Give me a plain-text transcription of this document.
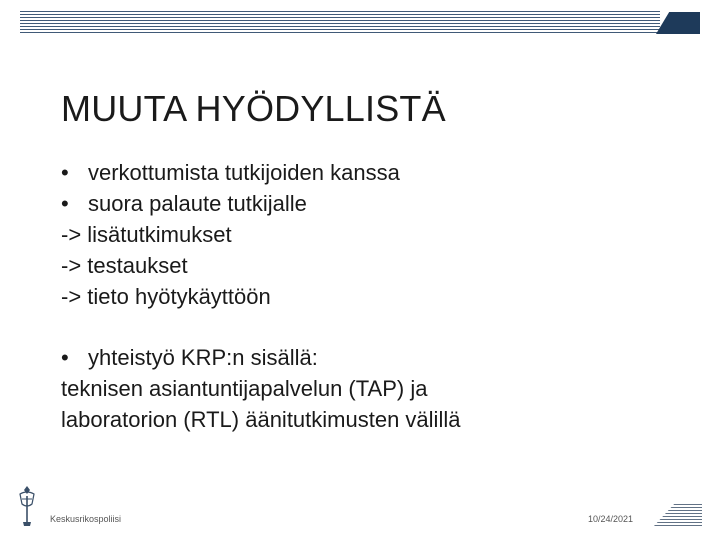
MUUTA HYÖDYLLISTÄ
• verkottumista tutkijoiden kanssa
• suora palaute tutkijalle
-> lisätutkimukset
-> testaukset
-> tieto hyötykäyttöön
• yhteistyö KRP:n sisällä:
teknisen asiantuntijapalvelun (TAP) ja
laboratorion (RTL) äänitutkimusten välillä
Keskusrikospoliisi	10/24/2021
